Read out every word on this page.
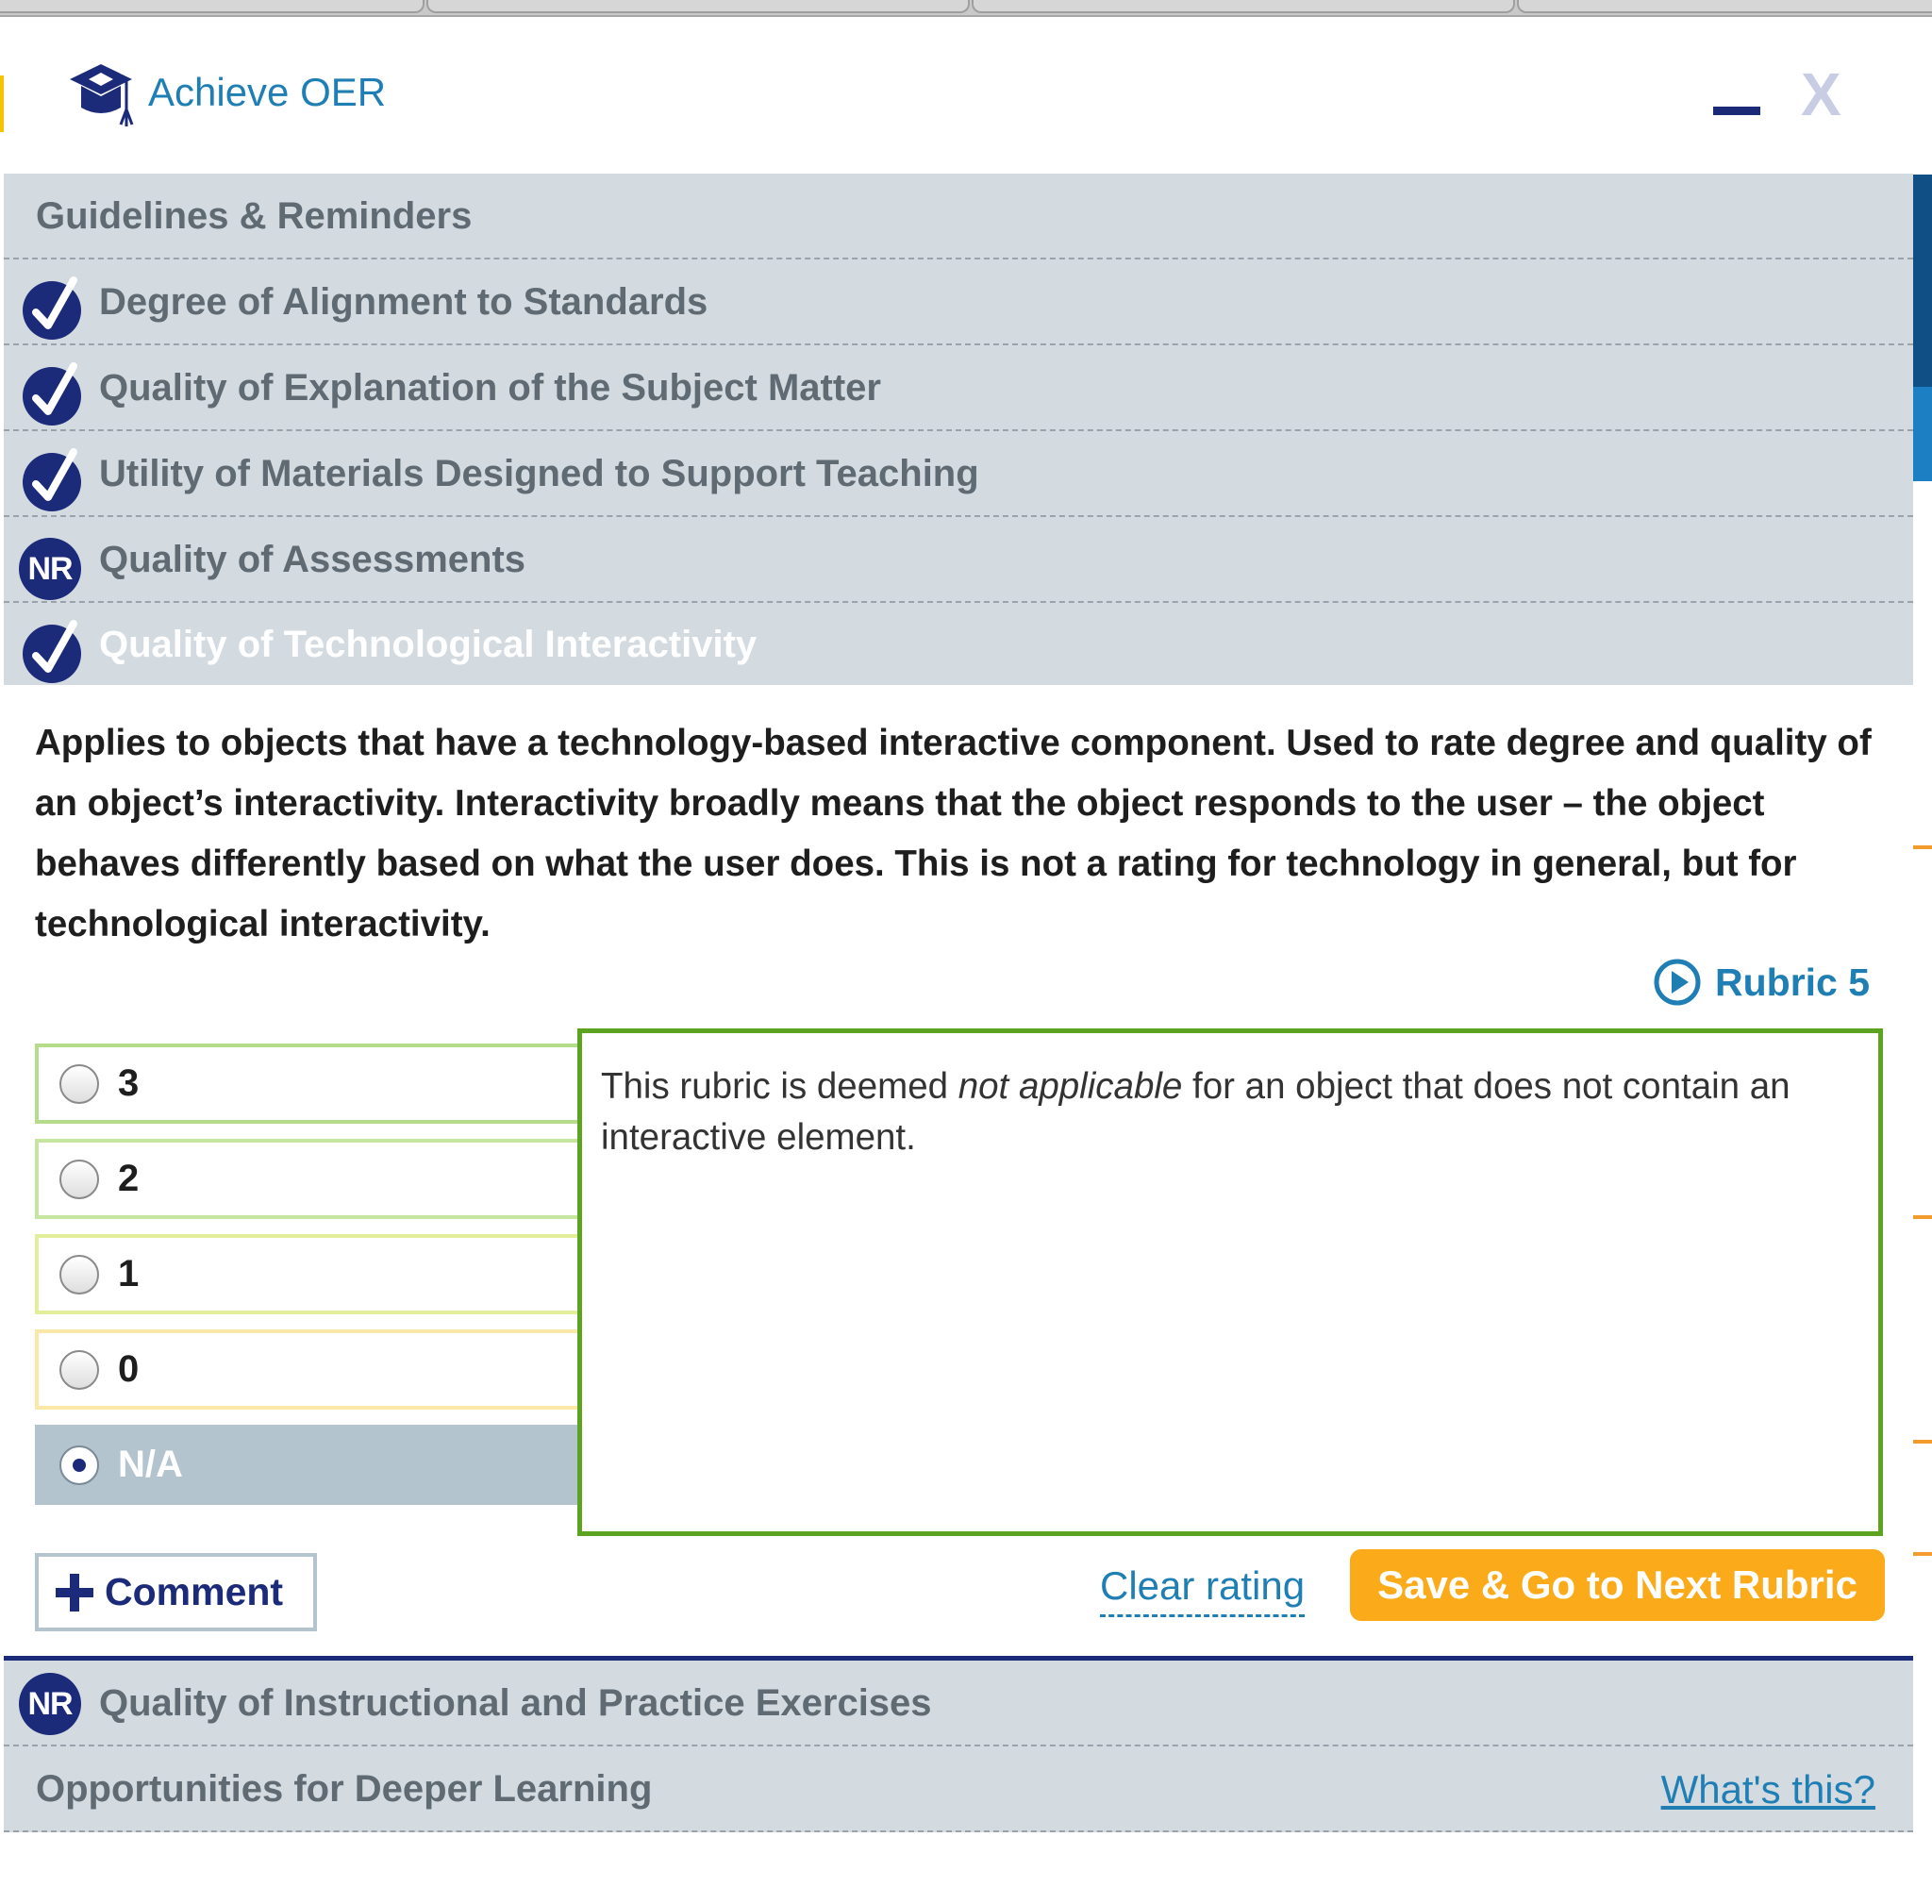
Achieve OER	X
Guidelines & Reminders
Degree of Alignment to Standards
Quality of Explanation of the Subject Matter
Utility of Materials Designed to Support Teaching
NR Quality of Assessments
Quality of Technological Interactivity
Applies to objects that have a technology-based interactive component. Used to rate degree and quality of an object’s interactivity. Interactivity broadly means that the object responds to the user – the object behaves differently based on what the user does. This is not a rating for technology in general, but for technological interactivity.
Rubric 5
3
2
1
0
N/A

This rubric is deemed not applicable for an object that does not contain an interactive element.

Comment	Clear rating	Save & Go to Next Rubric
NR Quality of Instructional and Practice Exercises
Opportunities for Deeper Learning	What's this?
